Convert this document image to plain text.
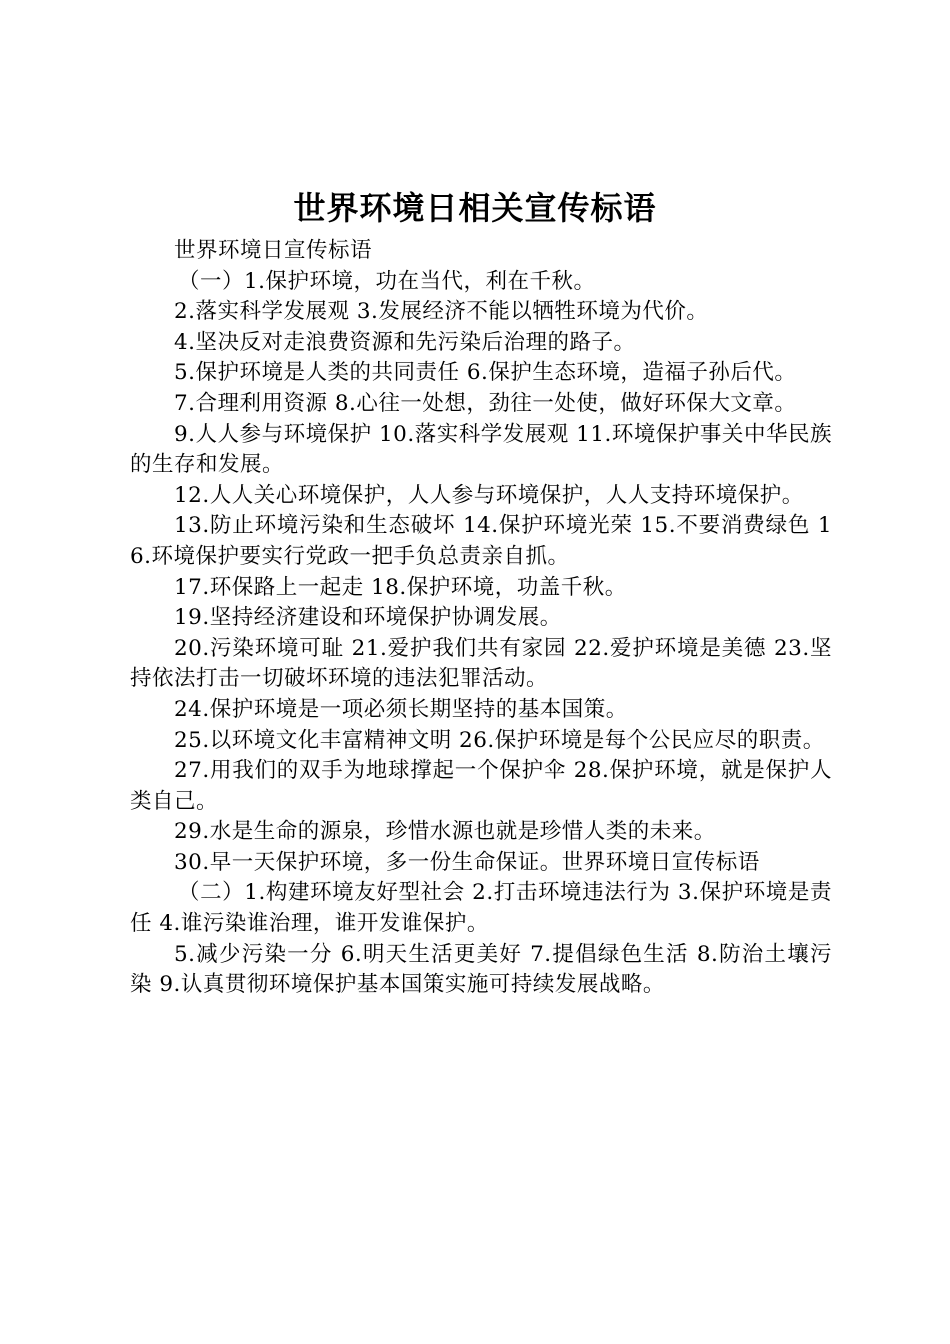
世界环境日相关宣传标语

世界环境日宣传标语

（一）1.保护环境，功在当代，利在千秋。

2.落实科学发展观 3.发展经济不能以牺牲环境为代价。

4.坚决反对走浪费资源和先污染后治理的路子。

5.保护环境是人类的共同责任 6.保护生态环境，造福子孙后代。

7.合理利用资源 8.心往一处想，劲往一处使，做好环保大文章。

9.人人参与环境保护 10.落实科学发展观 11.环境保护事关中华民族的生存和发展。

12.人人关心环境保护，人人参与环境保护，人人支持环境保护。

13.防止环境污染和生态破坏 14.保护环境光荣 15.不要消费绿色 16.环境保护要实行党政一把手负总责亲自抓。

17.环保路上一起走 18.保护环境，功盖千秋。

19.坚持经济建设和环境保护协调发展。

20.污染环境可耻 21.爱护我们共有家园 22.爱护环境是美德 23.坚持依法打击一切破坏环境的违法犯罪活动。

24.保护环境是一项必须长期坚持的基本国策。

25.以环境文化丰富精神文明 26.保护环境是每个公民应尽的职责。

27.用我们的双手为地球撑起一个保护伞 28.保护环境，就是保护人类自己。

29.水是生命的源泉，珍惜水源也就是珍惜人类的未来。

30.早一天保护环境，多一份生命保证。世界环境日宣传标语

（二）1.构建环境友好型社会 2.打击环境违法行为 3.保护环境是责任 4.谁污染谁治理，谁开发谁保护。

5.减少污染一分 6.明天生活更美好 7.提倡绿色生活 8.防治土壤污染 9.认真贯彻环境保护基本国策实施可持续发展战略。
